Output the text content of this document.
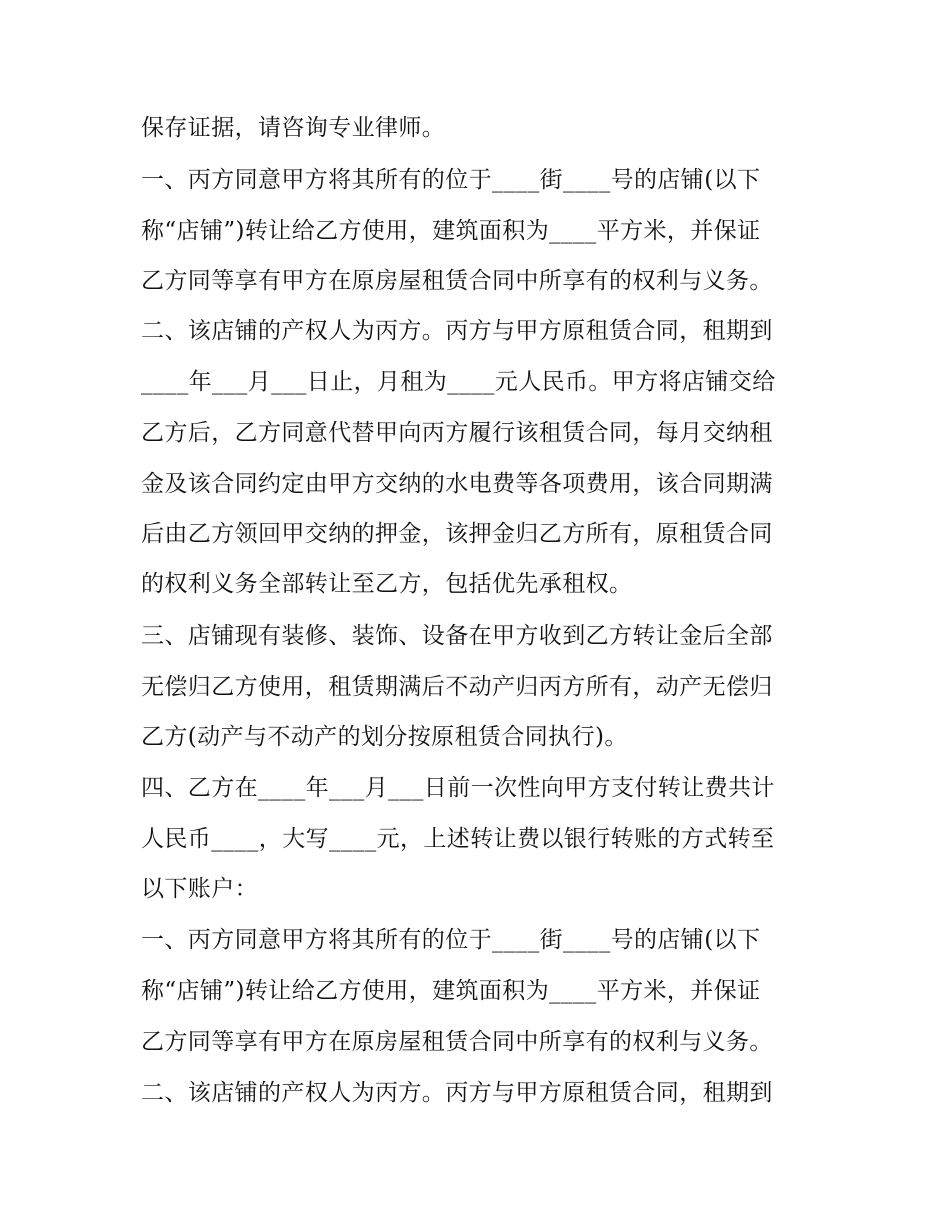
保存证据，请咨询专业律师。
一、丙方同意甲方将其所有的位于____街____号的店铺(以下
称“店铺”)转让给乙方使用，建筑面积为____平方米，并保证
乙方同等享有甲方在原房屋租赁合同中所享有的权利与义务。
二、该店铺的产权人为丙方。丙方与甲方原租赁合同，租期到
____年___月___日止，月租为____元人民币。甲方将店铺交给
乙方后，乙方同意代替甲向丙方履行该租赁合同，每月交纳租
金及该合同约定由甲方交纳的水电费等各项费用，该合同期满
后由乙方领回甲交纳的押金，该押金归乙方所有，原租赁合同
的权利义务全部转让至乙方，包括优先承租权。
三、店铺现有装修、装饰、设备在甲方收到乙方转让金后全部
无偿归乙方使用，租赁期满后不动产归丙方所有，动产无偿归
乙方(动产与不动产的划分按原租赁合同执行)。
四、乙方在____年___月___日前一次性向甲方支付转让费共计
人民币____，大写____元，上述转让费以银行转账的方式转至
以下账户：
一、丙方同意甲方将其所有的位于____街____号的店铺(以下
称“店铺”)转让给乙方使用，建筑面积为____平方米，并保证
乙方同等享有甲方在原房屋租赁合同中所享有的权利与义务。
二、该店铺的产权人为丙方。丙方与甲方原租赁合同，租期到
